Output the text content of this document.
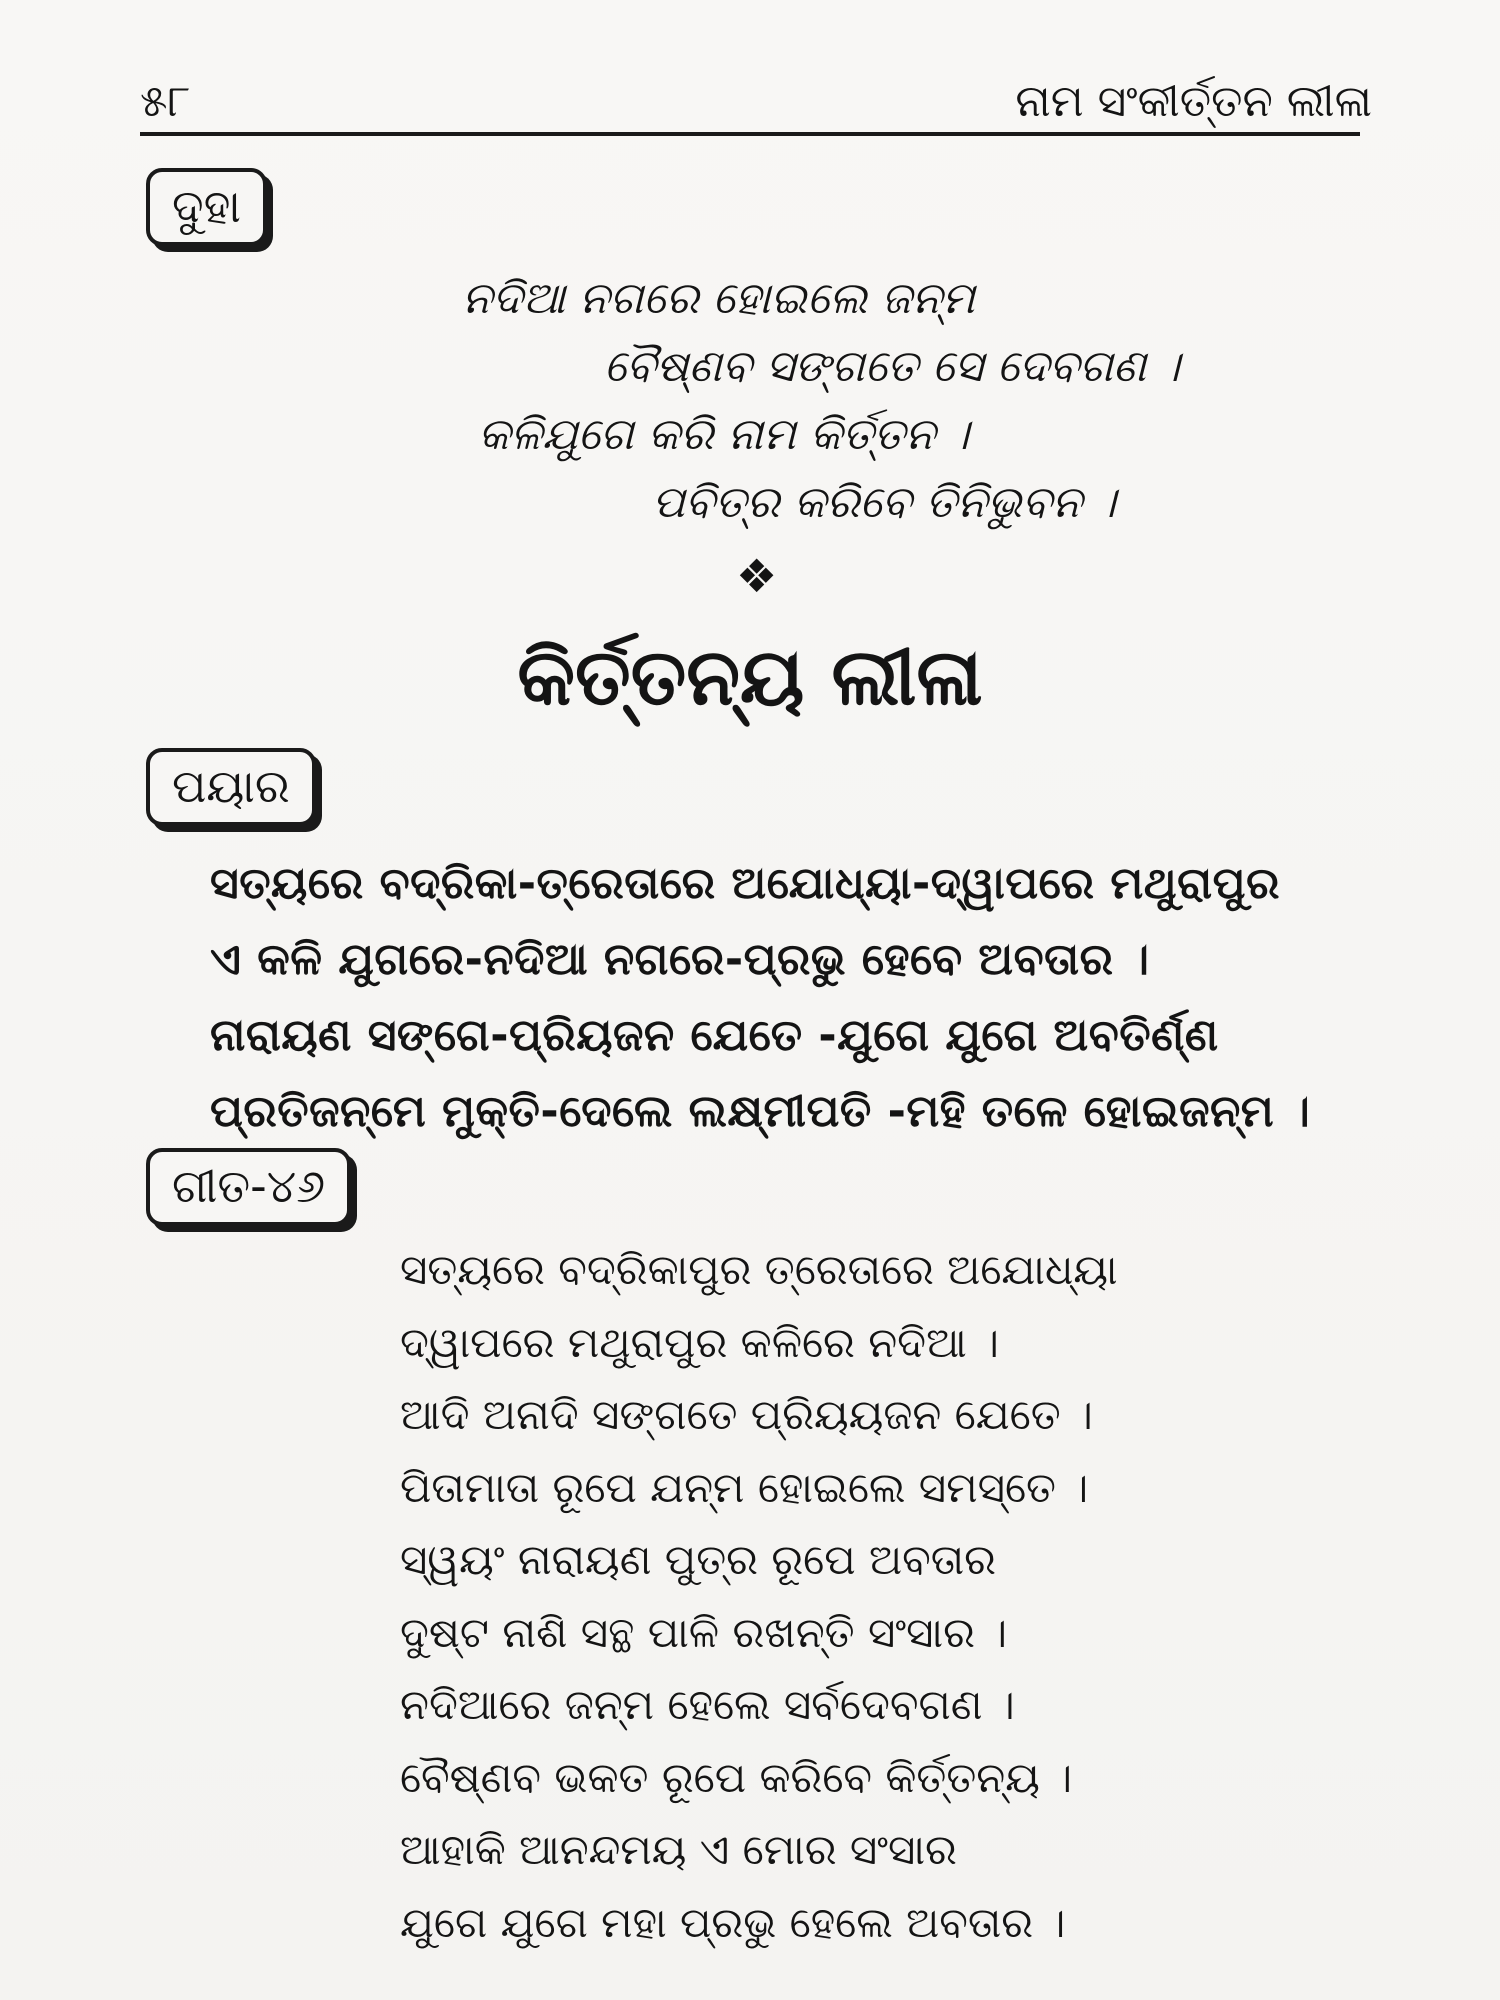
୫୮	ନାମ ସଂକୀର୍ତ୍ତନ ଲୀଳା
ଦୁହା
ନଦିଆ ନଗରେ ହୋଇଲେ ଜନ୍ମ
ବୈଷ୍ଣବ ସଙ୍ଗତେ ସେ ଦେବଗଣ ।
କଳିଯୁଗେ କରି ନାମ କିର୍ତ୍ତନ ।
ପବିତ୍ର କରିବେ ତିନିଭୁବନ ।
❖
କିର୍ତ୍ତନ୍ୟ ଲୀଳା
ପୟାର
ସତ୍ୟରେ ବଦ୍ରିକା-ତ୍ରେତାରେ ଅଯୋଧ୍ୟା-ଦ୍ୱାପରେ ମଥୁରାପୁର
ଏ କଳି ଯୁଗରେ-ନଦିଆ ନଗରେ-ପ୍ରଭୁ ହେବେ ଅବତାର ।
ନାରାୟଣ ସଙ୍ଗେ-ପ୍ରିୟଜନ ଯେତେ -ଯୁଗେ ଯୁଗେ ଅବତିର୍ଣ୍ଣ
ପ୍ରତିଜନ୍ମେ ମୁକ୍ତି-ଦେଲେ ଲକ୍ଷ୍ମୀପତି -ମହି ତଳେ ହୋଇଜନ୍ମ ।
ଗୀତ-୪୬
ସତ୍ୟରେ ବଦ୍ରିକାପୁର ତ୍ରେତାରେ ଅଯୋଧ୍ୟା
ଦ୍ୱାପରେ ମଥୁରାପୁର କଳିରେ ନଦିଆ ।
ଆଦି ଅନାଦି ସଙ୍ଗତେ ପ୍ରିୟୟଜନ ଯେତେ ।
ପିତାମାତା ରୂପେ ଯନ୍ମ ହୋଇଲେ ସମସ୍ତେ ।
ସ୍ୱୟଂ ନାରାୟଣ ପୁତ୍ର ରୂପେ ଅବତାର
ଦୁଷ୍ଟ ନାଶି ସନ୍ଥ ପାଳି ରଖନ୍ତି ସଂସାର ।
ନଦିଆରେ ଜନ୍ମ ହେଲେ ସର୍ବଦେବଗଣ ।
ବୈଷ୍ଣବ ଭକତ ରୂପେ କରିବେ କିର୍ତ୍ତନ୍ୟ ।
ଆହାକି ଆନନ୍ଦମୟ ଏ ମୋର ସଂସାର
ଯୁଗେ ଯୁଗେ ମହା ପ୍ରଭୁ ହେଲେ ଅବତାର ।
